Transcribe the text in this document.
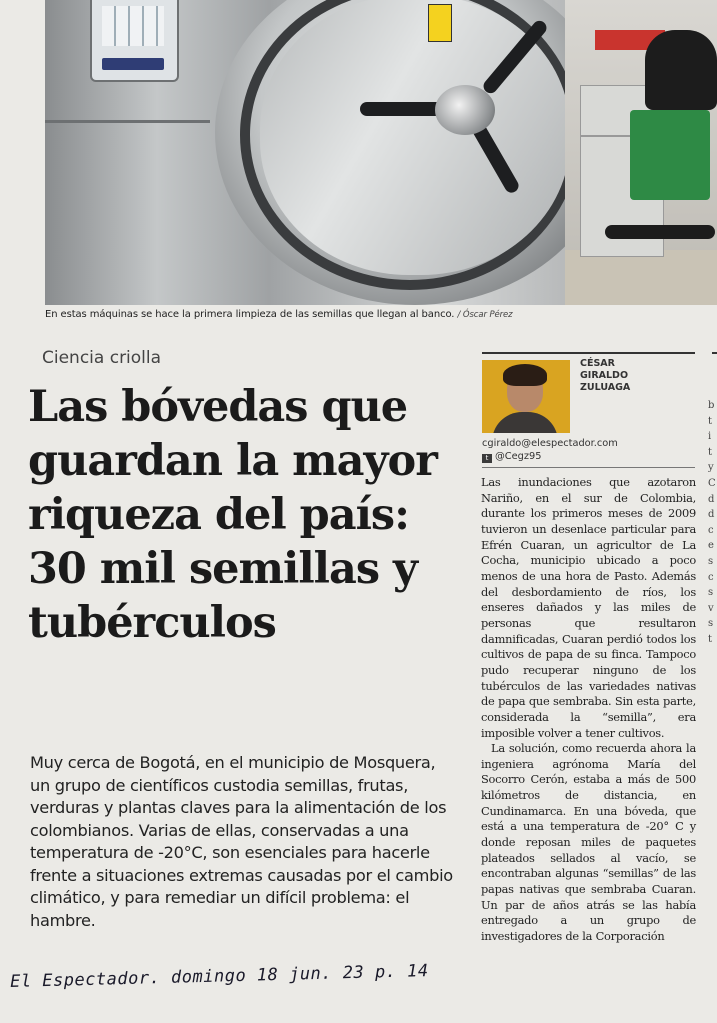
En estas máquinas se hace la primera limpieza de las semillas que llegan al banco. / Óscar Pérez
Ciencia criolla
Las bóvedas que guardan la mayor riqueza del país: 30 mil semillas y tubérculos

Muy cerca de Bogotá, en el municipio de Mosquera, un grupo de científicos custodia semillas, frutas, verduras y plantas claves para la alimentación de los colombianos. Varias de ellas, conservadas a una temperatura de -20°C, son esenciales para hacerle frente a situaciones extremas causadas por el cambio climático, y para remediar un difícil problema: el hambre.

El Espectador. domingo 18 jun. 23 p. 14
CÉSAR
GIRALDO
ZULUAGA
cgiraldo@elespectador.com
t @Cegz95

Las inundaciones que azotaron Nariño, en el sur de Colombia, durante los primeros meses de 2009 tuvieron un desenlace particular para Efrén Cuaran, un agricultor de La Cocha, municipio ubicado a poco menos de una hora de Pasto. Además del desbordamiento de ríos, los enseres dañados y las miles de personas que resultaron damnificadas, Cuaran perdió todos los cultivos de papa de su finca. Tampoco pudo recuperar ninguno de los tubérculos de las variedades nativas de papa que sembraba. Sin esta parte, considerada la “semilla”, era imposible volver a tener cultivos.

La solución, como recuerda ahora la ingeniera agrónoma María del Socorro Cerón, estaba a más de 500 kilómetros de distancia, en Cundinamarca. En una bóveda, que está a una temperatura de -20° C y donde reposan miles de paquetes plateados sellados al vacío, se encontraban algunas “semillas” de las papas nativas que sembraba Cuaran. Un par de años atrás se las había entregado a un grupo de investigadores de la Corporación

b
t
i
t
y
C
d
d
c
e
s
c
s
v
s
t
